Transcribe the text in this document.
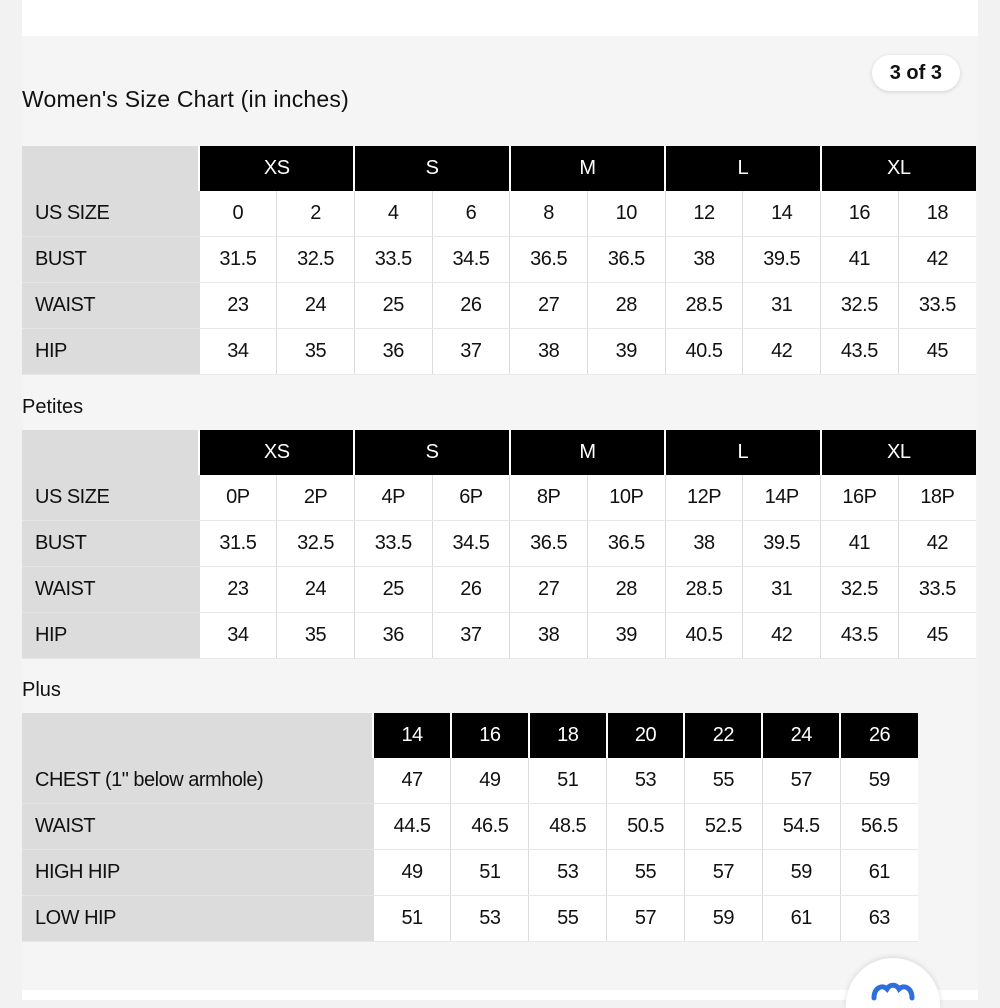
3 of 3
Women's Size Chart (in inches)
	XS		S		M		L		XL	
US SIZE	0	2	4	6	8	10	12	14	16	18
BUST	31.5	32.5	33.5	34.5	36.5	36.5	38	39.5	41	42
WAIST	23	24	25	26	27	28	28.5	31	32.5	33.5
HIP	34	35	36	37	38	39	40.5	42	43.5	45
Petites
	XS		S		M		L		XL	
US SIZE	0P	2P	4P	6P	8P	10P	12P	14P	16P	18P
BUST	31.5	32.5	33.5	34.5	36.5	36.5	38	39.5	41	42
WAIST	23	24	25	26	27	28	28.5	31	32.5	33.5
HIP	34	35	36	37	38	39	40.5	42	43.5	45
Plus
	14	16	18	20	22	24	26
CHEST (1" below armhole)	47	49	51	53	55	57	59
WAIST	44.5	46.5	48.5	50.5	52.5	54.5	56.5
HIGH HIP	49	51	53	55	57	59	61
LOW HIP	51	53	55	57	59	61	63
